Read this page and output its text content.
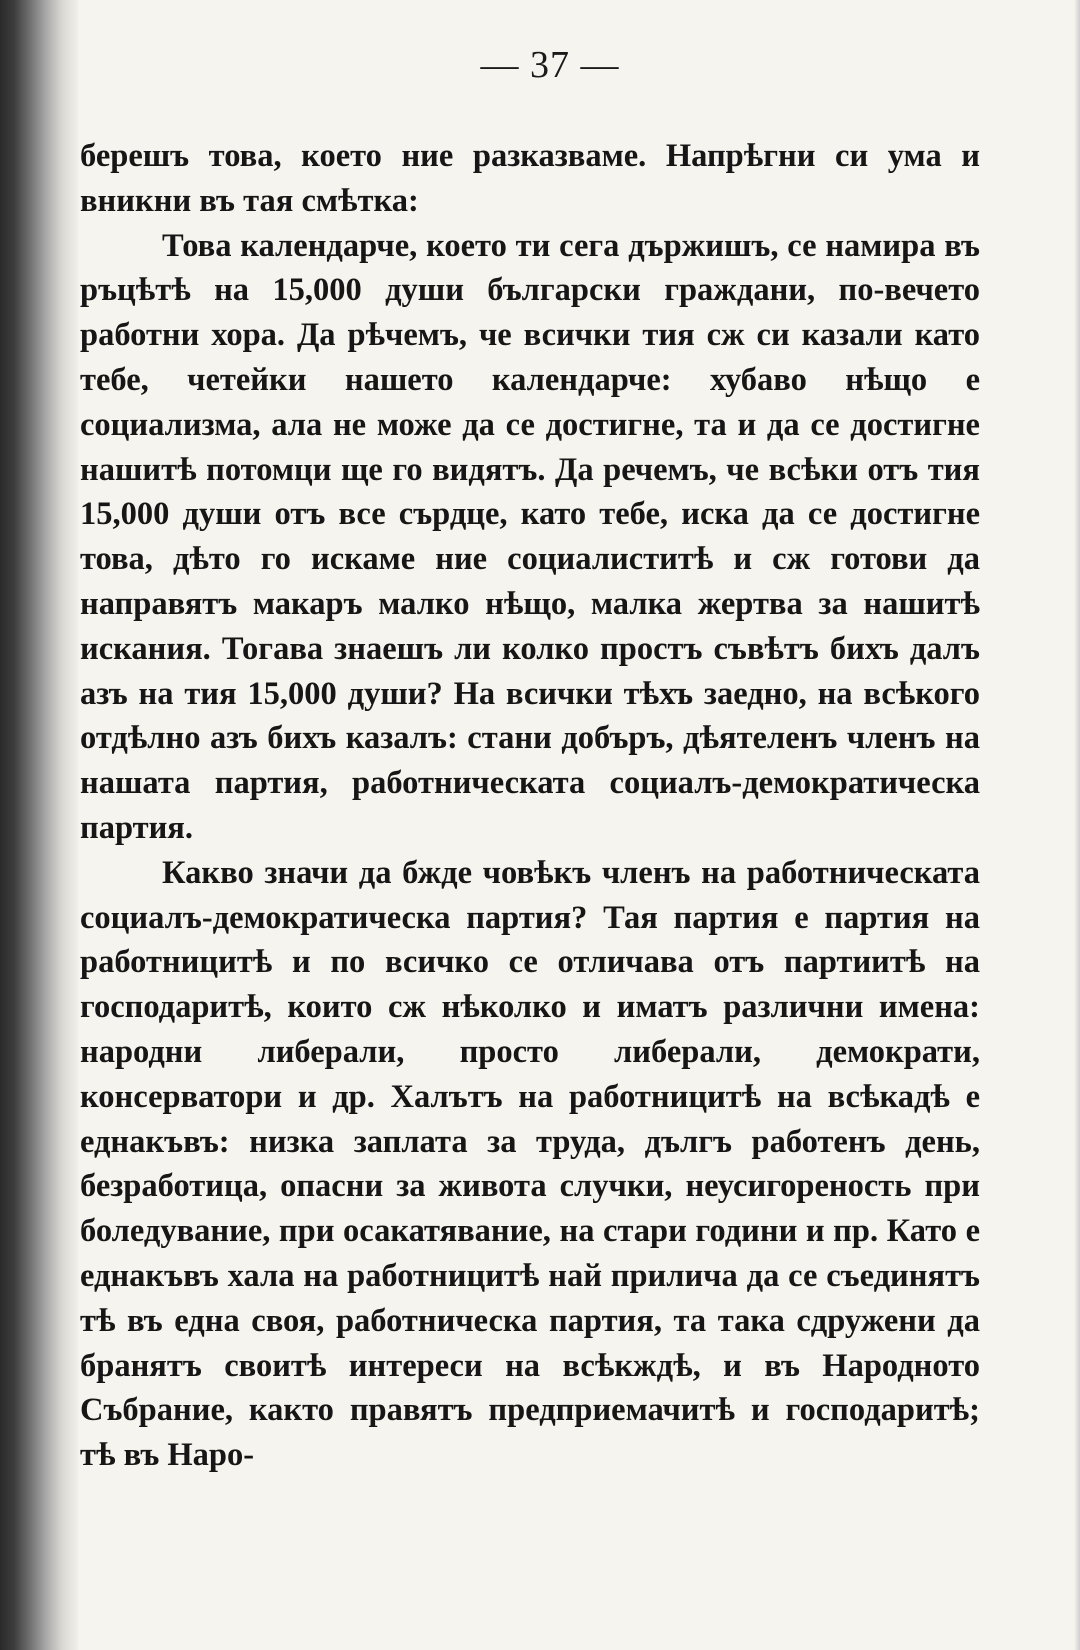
— 37 —

берешъ това, което ние разказваме. Напрѣгни си ума и вникни въ тая смѣтка:

Това календарче, което ти сега държишъ, се намира въ ръцѣтѣ на 15,000 души български граждани, по-вечето работни хора. Да рѣчемъ, че всички тия сж си казали като тебе, четейки нашето календарче: хубаво нѣщо е социализма, ала не може да се достигне, та и да се достигне нашитѣ потомци ще го видятъ. Да речемъ, че всѣки отъ тия 15,000 души отъ все сърдце, като тебе, иска да се достигне това, дѣто го искаме ние социалиститѣ и сж готови да направятъ макаръ малко нѣщо, малка жертва за нашитѣ искания. Тогава знаешъ ли колко простъ съвѣтъ бихъ далъ азъ на тия 15,000 души? На всички тѣхъ заедно, на всѣкого отдѣлно азъ бихъ казалъ: стани добъръ, дѣятеленъ членъ на нашата партия, работническата социалъ-демократическа партия.

Какво значи да бжде човѣкъ членъ на работническата социалъ-демократическа партия? Тая партия е партия на работницитѣ и по всичко се отличава отъ партиитѣ на господаритѣ, които сж нѣколко и иматъ различни имена: народни либерали, просто либерали, демократи, консерватори и др. Халътъ на работницитѣ на всѣкадѣ е еднакъвъ: низка заплата за труда, дългъ работенъ день, безработица, опасни за живота случки, неусигореность при боледувание, при осакатявание, на стари години и пр. Като е еднакъвъ хала на работницитѣ най прилича да се съединятъ тѣ въ една своя, работническа партия, та така сдружени да бранятъ своитѣ интереси на всѣкждѣ, и въ Народното Събрание, както правятъ предприемачитѣ и господаритѣ; тѣ въ Наро-
